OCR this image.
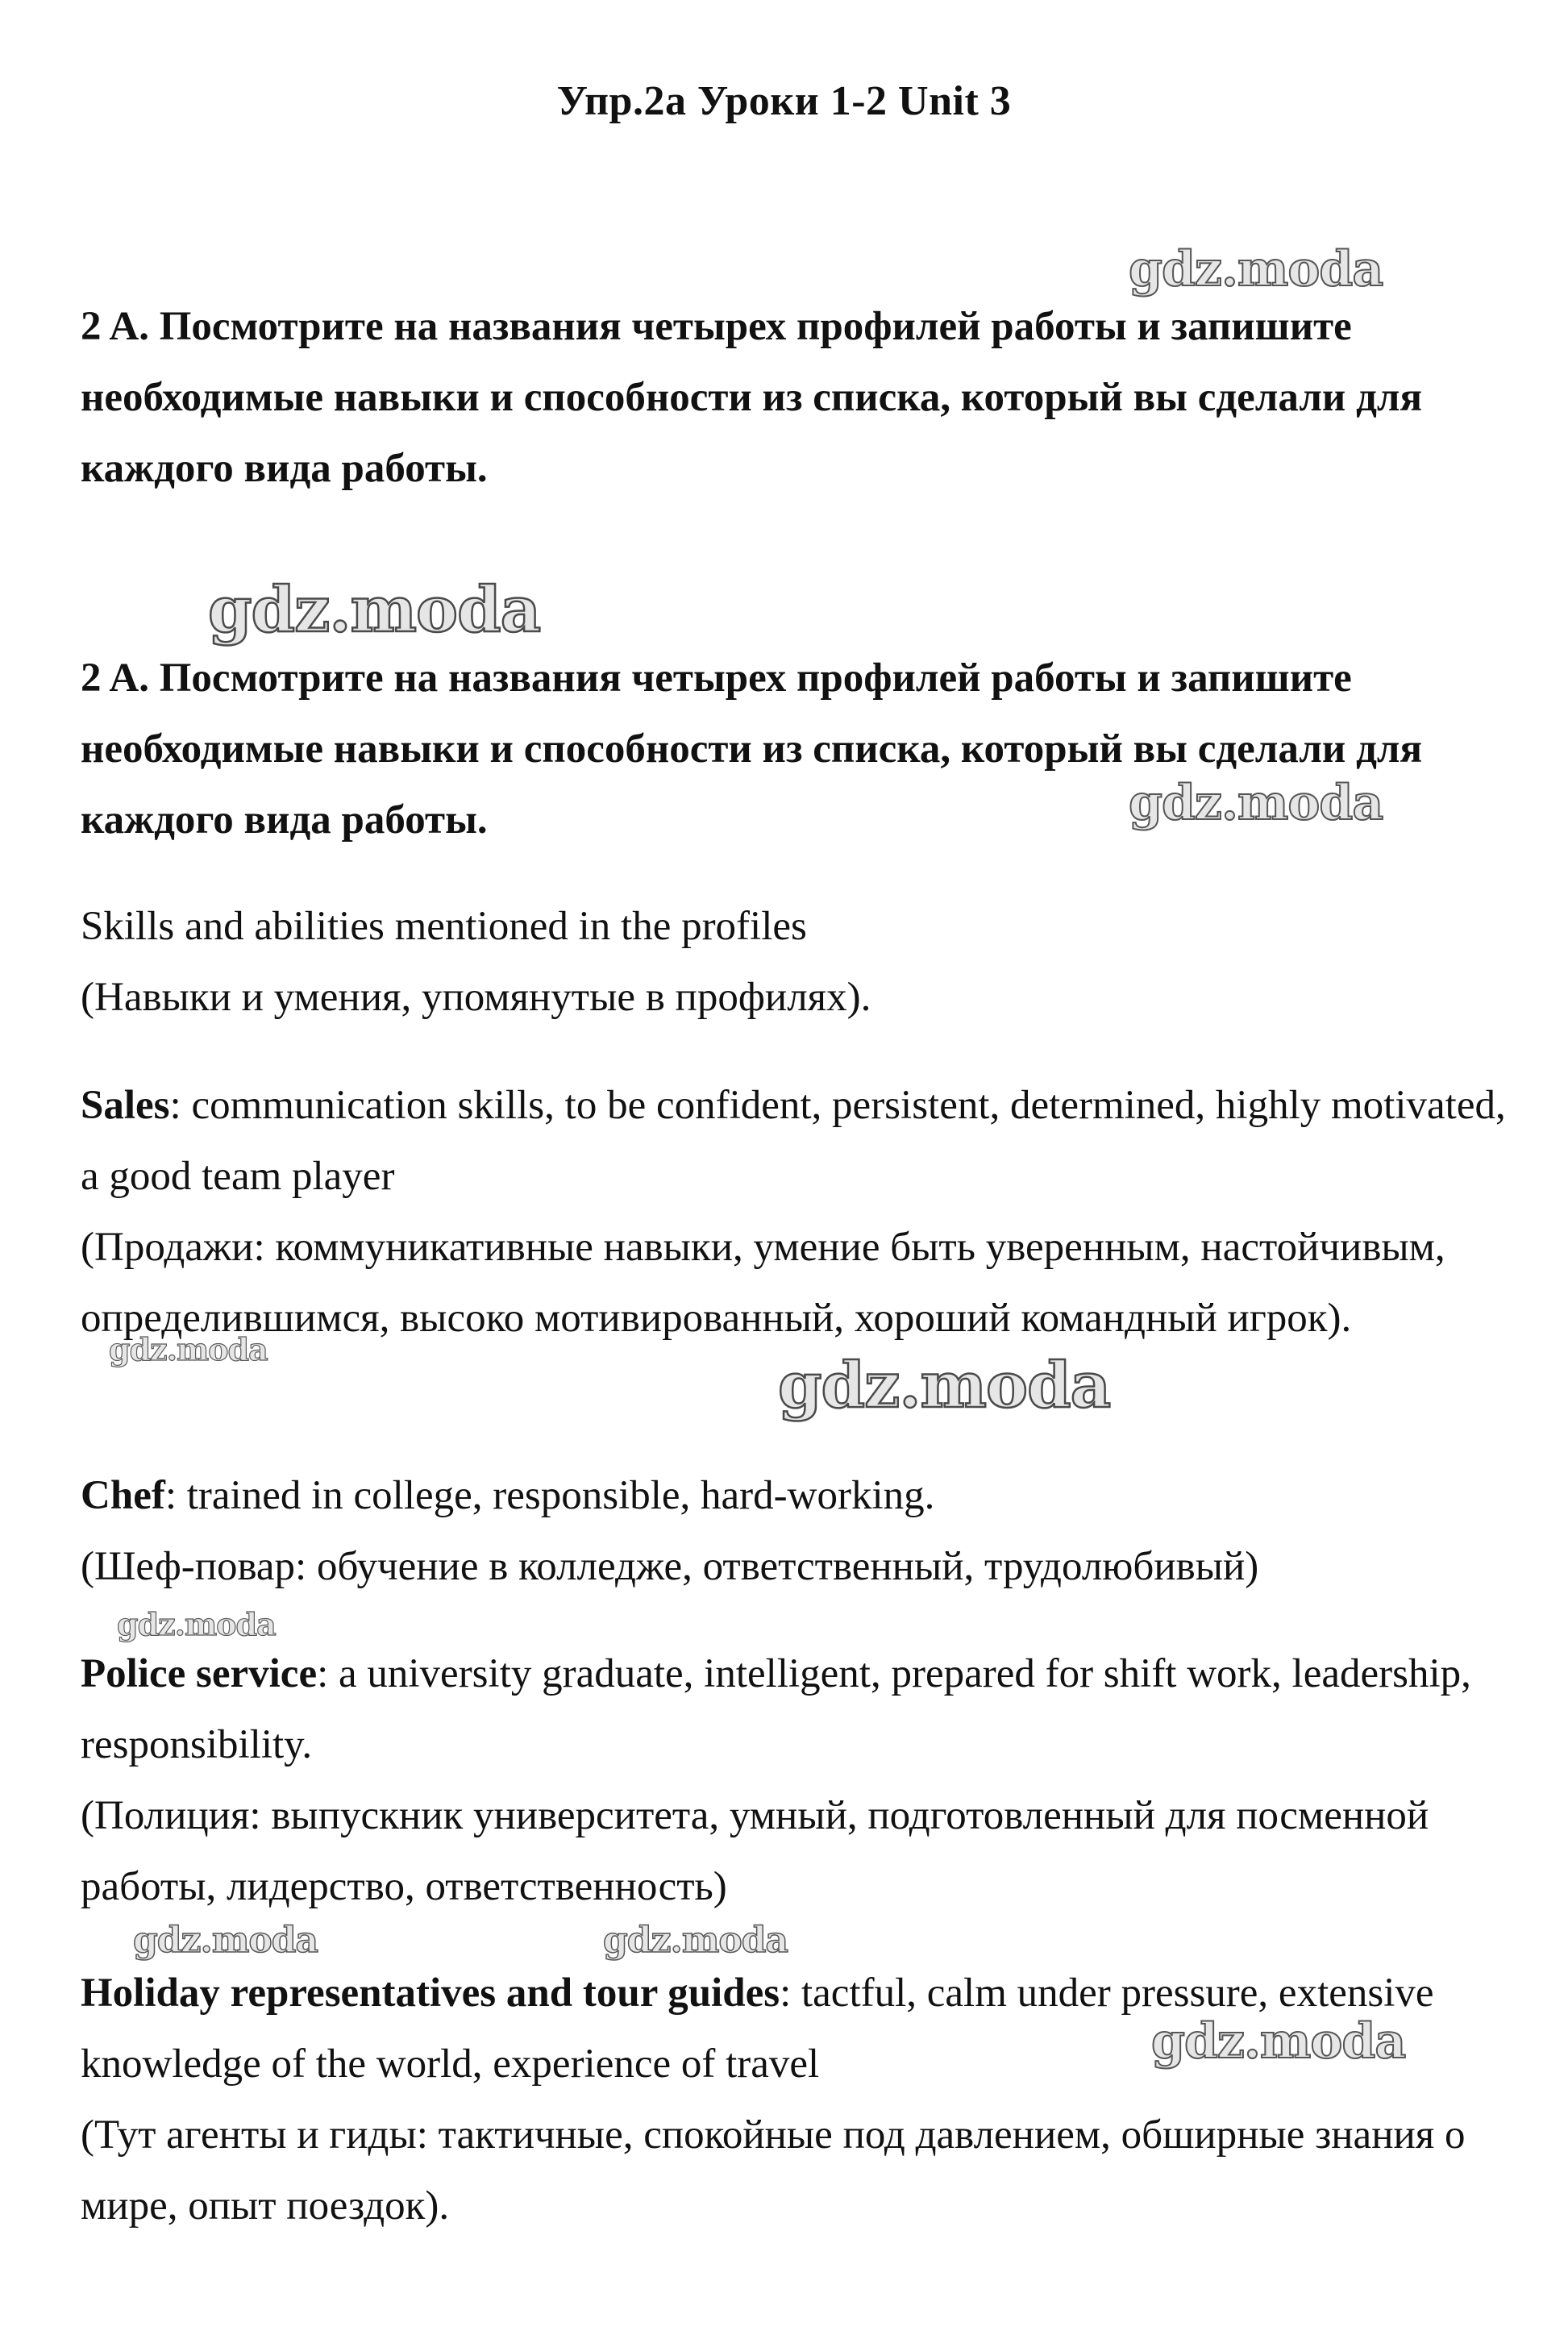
Упр.2а Уроки 1-2 Unit 3
2 A. Посмотрите на названия четырех профилей работы и запишите необходимые навыки и способности из списка, который вы сделали для каждого вида работы.
2 A. Посмотрите на названия четырех профилей работы и запишите необходимые навыки и способности из списка, который вы сделали для каждого вида работы.
Skills and abilities mentioned in the profiles
(Навыки и умения, упомянутые в профилях).
Sales: communication skills, to be confident, persistent, determined, highly motivated, a good team player
(Продажи: коммуникативные навыки, умение быть уверенным, настойчивым, определившимся, высоко мотивированный, хороший командный игрок).
Chef: trained in college, responsible, hard-working.
(Шеф-повар: обучение в колледже, ответственный, трудолюбивый)
Police service: a university graduate, intelligent, prepared for shift work, leadership, responsibility.
(Полиция: выпускник университета, умный, подготовленный для посменной работы, лидерство, ответственность)
Holiday representatives and tour guides: tactful, calm under pressure, extensive knowledge of the world, experience of travel
(Тут агенты и гиды: тактичные, спокойные под давлением, обширные знания о мире, опыт поездок).
gdz.moda
gdz.moda
gdz.moda
gdz.moda	gdz.moda
gdz.moda
gdz.moda	gdz.moda
gdz.moda
